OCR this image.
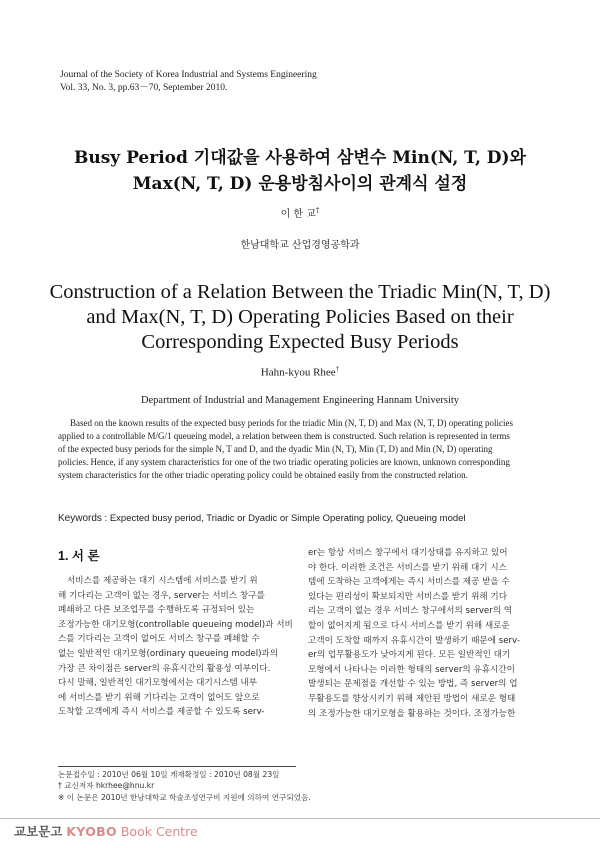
Journal of the Society of Korea Industrial and Systems Engineering
Vol. 33, No. 3, pp.63－70, September 2010.
Busy Period 기대값을 사용하여 삼변수 Min(N, T, D)와
Max(N, T, D) 운용방침사이의 관계식 설정
이 한 교†
한남대학교 산업경영공학과
Construction of a Relation Between the Triadic Min(N, T, D)
and Max(N, T, D) Operating Policies Based on their
Corresponding Expected Busy Periods
Hahn-kyou Rhee†
Department of Industrial and Management Engineering Hannam University
Based on the known results of the expected busy periods for the triadic Min (N, T, D) and Max (N, T, D) operating policies
applied to a controllable M/G/1 queueing model, a relation between them is constructed. Such relation is represented in terms
of the expected busy periods for the simple N, T and D, and the dyadic Min (N, T), Min (T, D) and Min (N, D) operating
policies. Hence, if any system characteristics for one of the two triadic operating policies are known, unknown corresponding
system characteristics for the other triadic operating policy could be obtained easily from the constructed relation.
Keywords : Expected busy period, Triadic or Dyadic or Simple Operating policy, Queueing model
1. 서 론
서비스를 제공하는 대기 시스템에 서비스를 받기 위
해 기다리는 고객이 없는 경우, server는 서비스 창구를
폐쇄하고 다른 보조업무를 수행하도록 규정되어 있는
조정가능한 대기모형(controllable queueing model)과 서비
스를 기다리는 고객이 없어도 서비스 창구를 폐쇄할 수
없는 일반적인 대기모형(ordinary queueing model)과의
가장 큰 차이점은 server의 유휴시간의 활용성 여부이다.
다시 말해, 일반적인 대기모형에서는 대기시스템 내부
에 서비스를 받기 위해 기다리는 고객이 없어도 앞으로
도착할 고객에게 즉시 서비스를 제공할 수 있도록 serv-
er는 항상 서비스 창구에서 대기상태를 유지하고 있어
야 한다. 이러한 조건은 서비스를 받기 위해 대기 시스
템에 도착하는 고객에게는 즉시 서비스를 제공 받을 수
있다는 편리성이 확보되지만 서비스를 받기 위해 기다
리는 고객이 없는 경우 서비스 창구에서의 server의 역
할이 없어지게 됨으로 다시 서비스를 받기 위해 새로운
고객이 도착할 때까지 유휴시간이 발생하기 때문에 serv-
er의 업무활용도가 낮아지게 된다. 모든 일반적인 대기
모형에서 나타나는 이러한 형태의 server의 유휴시간이
발생되는 문제점을 개선할 수 있는 방법, 즉 server의 업
무활용도를 향상시키기 위해 제안된 방법이 새로운 형태
의 조정가능한 대기모형을 활용하는 것이다. 조정가능한
논문접수일 : 2010년 06월 10일 게재확정일 : 2010년 08월 23일
† 교신저자 hkrhee@hnu.kr
※ 이 논문은 2010년 한남대학교 학술조성연구비 지원에 의하여 연구되었음.
교보문고 KYOBO Book Centre
